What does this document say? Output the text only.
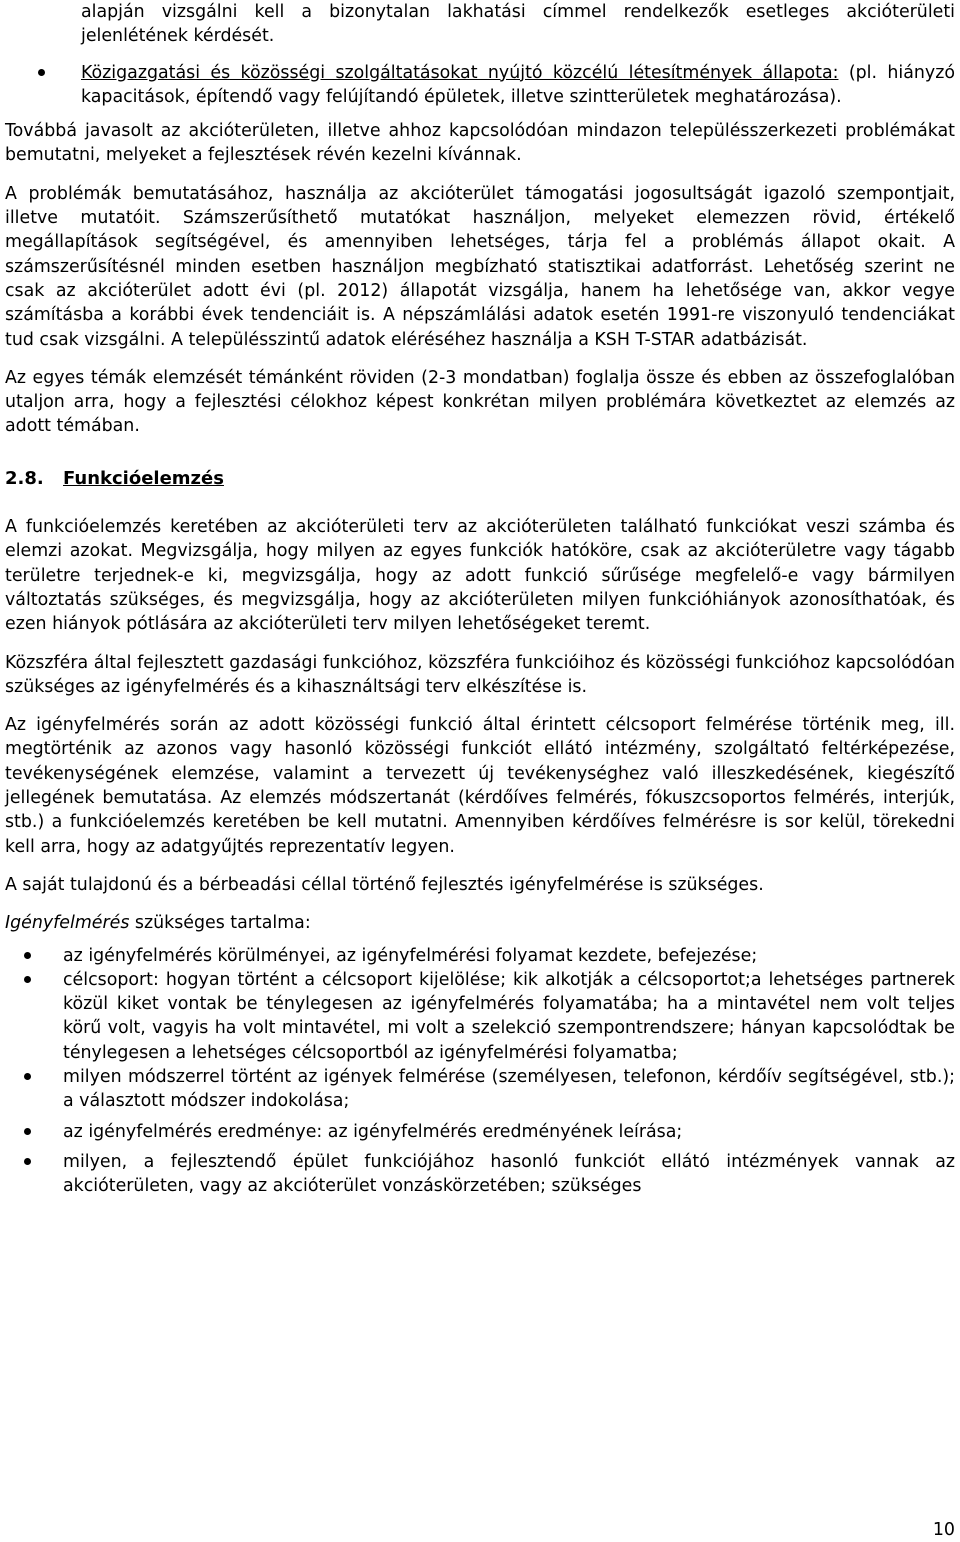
alapján vizsgálni kell a bizonytalan lakhatási címmel rendelkezők esetleges akcióterületi jelenlétének kérdését.
Közigazgatási és közösségi szolgáltatásokat nyújtó közcélú létesítmények állapota: (pl. hiányzó kapacitások, építendő vagy felújítandó épületek, illetve szintterületek meghatározása).

Továbbá javasolt az akcióterületen, illetve ahhoz kapcsolódóan mindazon településszerkezeti problémákat bemutatni, melyeket a fejlesztések révén kezelni kívánnak.

A problémák bemutatásához, használja az akcióterület támogatási jogosultságát igazoló szempontjait, illetve mutatóit. Számszerűsíthető mutatókat használjon, melyeket elemezzen rövid, értékelő megállapítások segítségével, és amennyiben lehetséges, tárja fel a problémás állapot okait. A számszerűsítésnél minden esetben használjon megbízható statisztikai adatforrást. Lehetőség szerint ne csak az akcióterület adott évi (pl. 2012) állapotát vizsgálja, hanem ha lehetősége van, akkor vegye számításba a korábbi évek tendenciáit is. A népszámlálási adatok esetén 1991-re viszonyuló tendenciákat tud csak vizsgálni. A településszintű adatok eléréséhez használja a KSH T-STAR adatbázisát.

Az egyes témák elemzését témánként röviden (2-3 mondatban) foglalja össze és ebben az összefoglalóban utaljon arra, hogy a fejlesztési célokhoz képest konkrétan milyen problémára következtet az elemzés az adott témában.

2.8. Funkcióelemzés

A funkcióelemzés keretében az akcióterületi terv az akcióterületen található funkciókat veszi számba és elemzi azokat. Megvizsgálja, hogy milyen az egyes funkciók hatóköre, csak az akcióterületre vagy tágabb területre terjednek-e ki, megvizsgálja, hogy az adott funkció sűrűsége megfelelő-e vagy bármilyen változtatás szükséges, és megvizsgálja, hogy az akcióterületen milyen funkcióhiányok azonosíthatóak, és ezen hiányok pótlására az akcióterületi terv milyen lehetőségeket teremt.

Közszféra által fejlesztett gazdasági funkcióhoz, közszféra funkcióihoz és közösségi funkcióhoz kapcsolódóan szükséges az igényfelmérés és a kihasználtsági terv elkészítése is.

Az igényfelmérés során az adott közösségi funkció által érintett célcsoport felmérése történik meg, ill. megtörténik az azonos vagy hasonló közösségi funkciót ellátó intézmény, szolgáltató feltérképezése, tevékenységének elemzése, valamint a tervezett új tevékenységhez való illeszkedésének, kiegészítő jellegének bemutatása. Az elemzés módszertanát (kérdőíves felmérés, fókuszcsoportos felmérés, interjúk, stb.) a funkcióelemzés keretében be kell mutatni. Amennyiben kérdőíves felmérésre is sor kelül, törekedni kell arra, hogy az adatgyűjtés reprezentatív legyen.

A saját tulajdonú és a bérbeadási céllal történő fejlesztés igényfelmérése is szükséges.

Igényfelmérés szükséges tartalma:

az igényfelmérés körülményei, az igényfelmérési folyamat kezdete, befejezése;
célcsoport: hogyan történt a célcsoport kijelölése; kik alkotják a célcsoportot;a lehetséges partnerek közül kiket vontak be ténylegesen az igényfelmérés folyamatába; ha a mintavétel nem volt teljes körű volt, vagyis ha volt mintavétel, mi volt a szelekció szempontrendszere; hányan kapcsolódtak be ténylegesen a lehetséges célcsoportból az igényfelmérési folyamatba;
milyen módszerrel történt az igények felmérése (személyesen, telefonon, kérdőív segítségével, stb.); a választott módszer indokolása;
az igényfelmérés eredménye: az igényfelmérés eredményének leírása;
milyen, a fejlesztendő épület funkciójához hasonló funkciót ellátó intézmények vannak az akcióterületen, vagy az akcióterület vonzáskörzetében; szükséges
10
